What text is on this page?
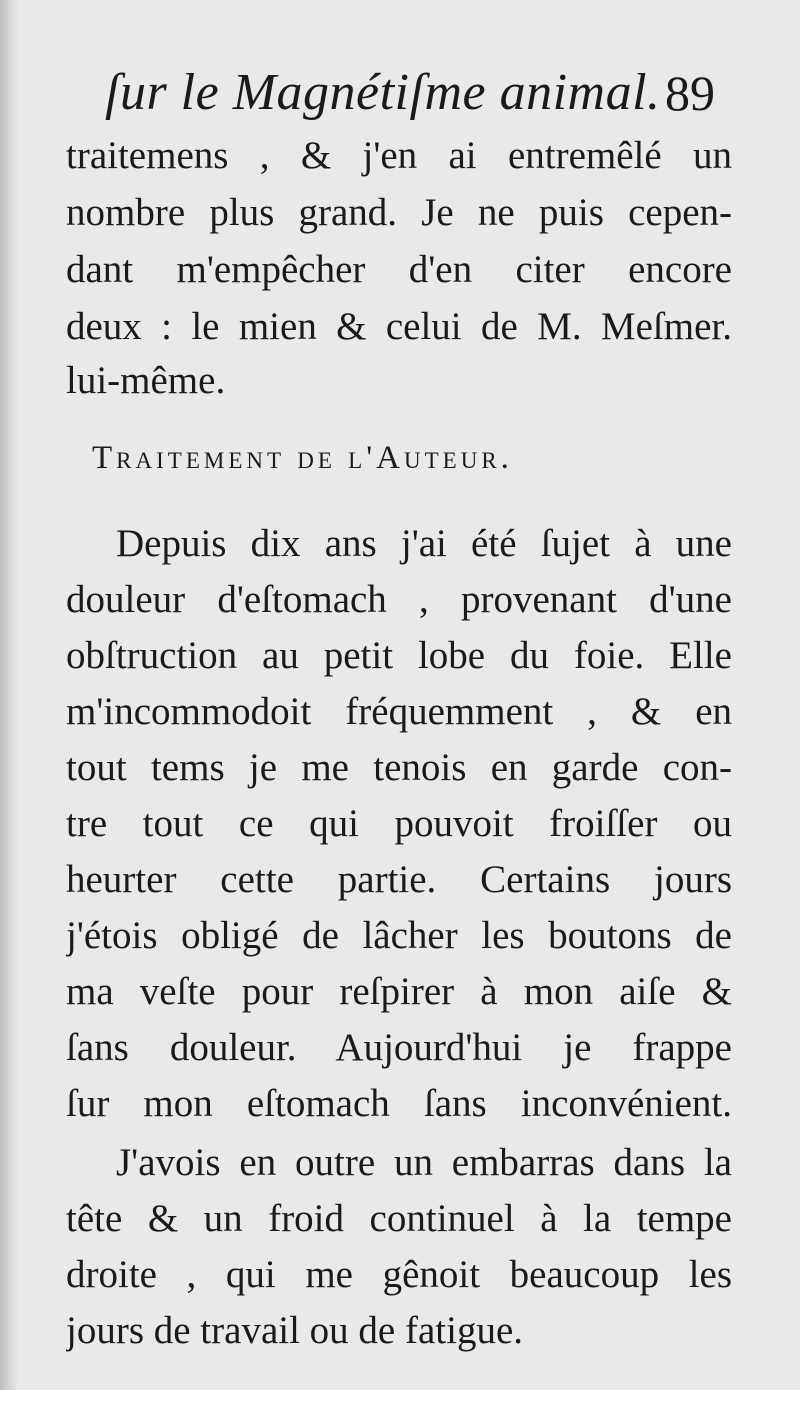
ſur le Magnétiſme animal. 89
traitemens , & j'en ai entremêlé un
nombre plus grand. Je ne puis cepen-
dant m'empêcher d'en citer encore
deux : le mien & celui de M. Meſmer.
lui-même.
Traitement de l'Auteur.
Depuis dix ans j'ai été ſujet à une
douleur d'eſtomach , provenant d'une
obſtruction au petit lobe du foie. Elle
m'incommodoit fréquemment , & en
tout tems je me tenois en garde con-
tre tout ce qui pouvoit froiſſer ou
heurter cette partie. Certains jours
j'étois obligé de lâcher les boutons de
ma veſte pour reſpirer à mon aiſe &
ſans douleur. Aujourd'hui je frappe
ſur mon eſtomach ſans inconvénient.
J'avois en outre un embarras dans la
tête & un froid continuel à la tempe
droite , qui me gênoit beaucoup les
jours de travail ou de fatigue.
